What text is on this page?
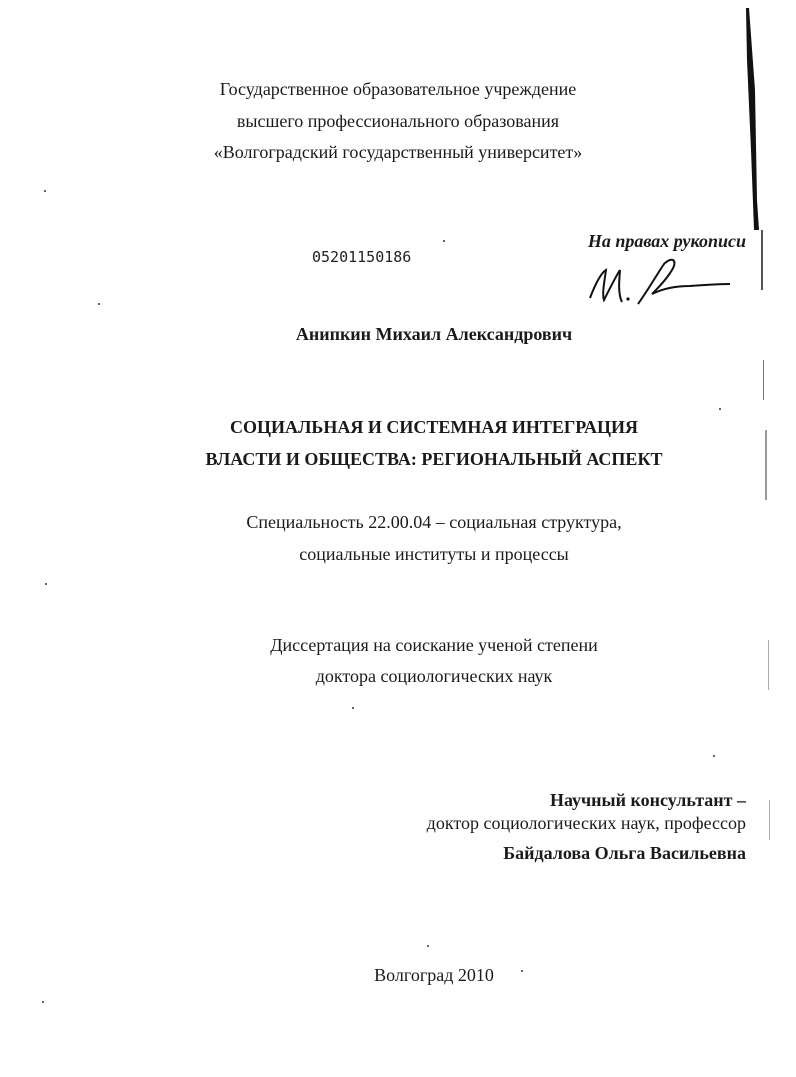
Государственное образовательное учреждение
высшего профессионального образования
«Волгоградский государственный университет»
05201150186
На правах рукописи
Анипкин Михаил Александрович
СОЦИАЛЬНАЯ И СИСТЕМНАЯ ИНТЕГРАЦИЯ
ВЛАСТИ И ОБЩЕСТВА: РЕГИОНАЛЬНЫЙ АСПЕКТ
Специальность 22.00.04 – социальная структура,
социальные институты и процессы
Диссертация на соискание ученой степени
доктора социологических наук
Научный консультант –
доктор социологических наук, профессор
Байдалова Ольга Васильевна
Волгоград 2010
